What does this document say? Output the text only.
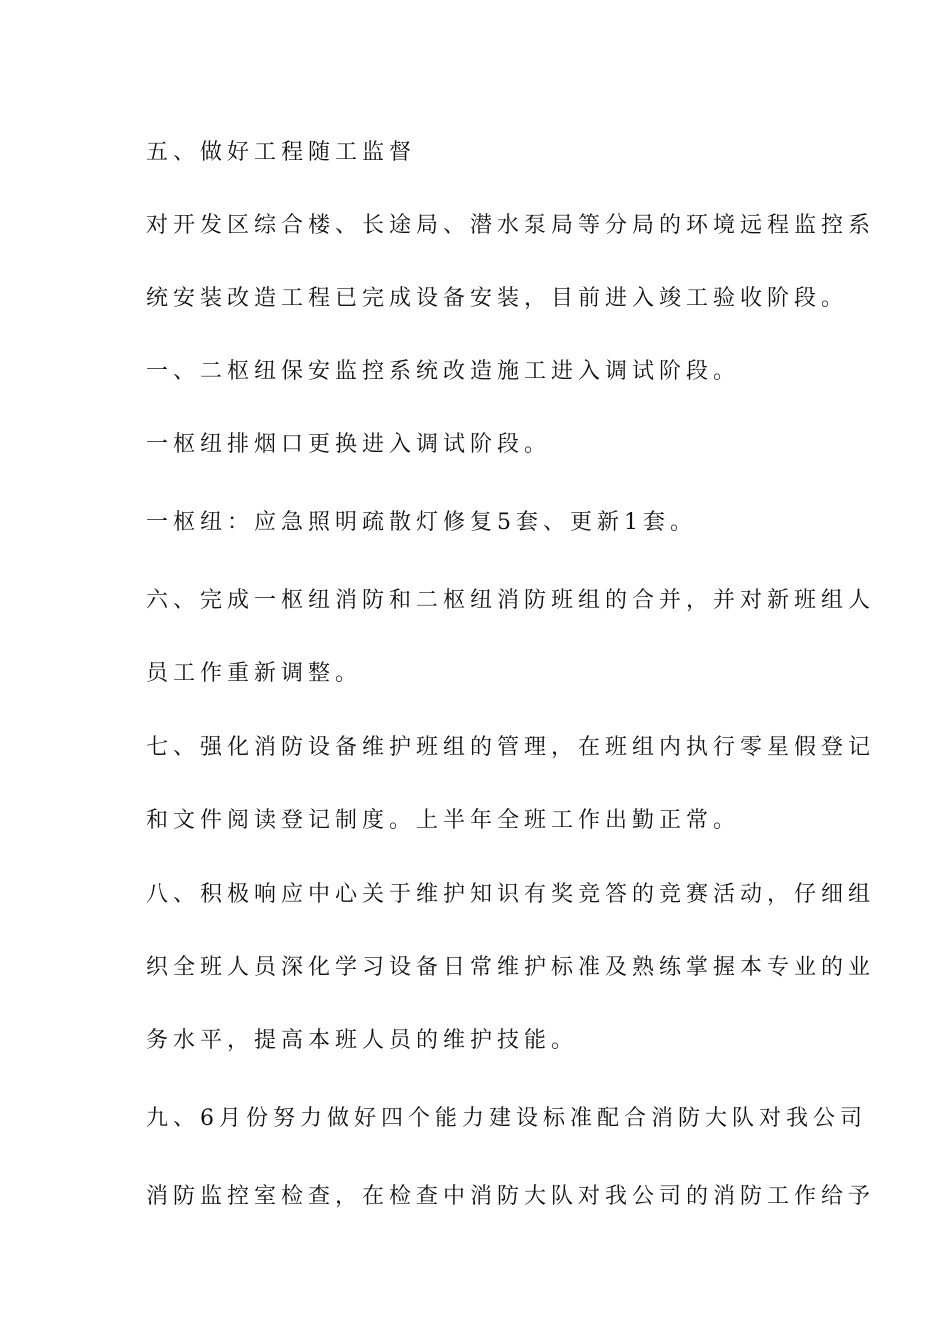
五、做好工程随工监督

对开发区综合楼、长途局、潜水泵局等分局的环境远程监控系

统安装改造工程已完成设备安装，目前进入竣工验收阶段。

一、二枢纽保安监控系统改造施工进入调试阶段。

一枢纽排烟口更换进入调试阶段。

一枢纽：应急照明疏散灯修复5套、更新1套。

六、完成一枢纽消防和二枢纽消防班组的合并，并对新班组人

员工作重新调整。

七、强化消防设备维护班组的管理，在班组内执行零星假登记

和文件阅读登记制度。上半年全班工作出勤正常。

八、积极响应中心关于维护知识有奖竞答的竞赛活动，仔细组

织全班人员深化学习设备日常维护标准及熟练掌握本专业的业

务水平，提高本班人员的维护技能。

九、6月份努力做好四个能力建设标准配合消防大队对我公司

消防监控室检查，在检查中消防大队对我公司的消防工作给予
